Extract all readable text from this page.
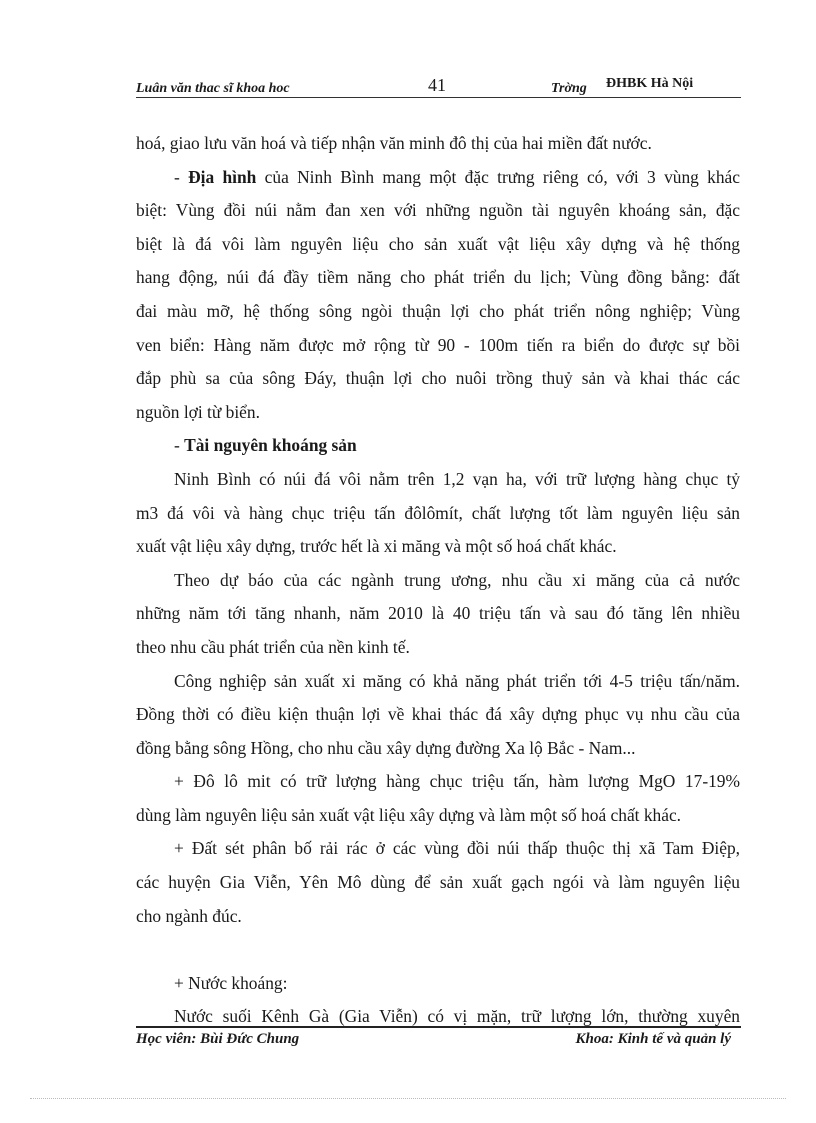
Luân văn thac sĩ khoa hoc	41	Trờng ĐHBK Hà Nội
hoá, giao lưu văn hoá và tiếp nhận văn minh đô thị của hai miền đất nước.
- Địa hình của Ninh Bình mang một đặc trưng riêng có, với 3 vùng khác
biệt: Vùng đồi núi nằm đan xen với những nguồn tài nguyên khoáng sản, đặc
biệt là đá vôi làm nguyên liệu cho sản xuất vật liệu xây dựng và hệ thống
hang động, núi đá đầy tiềm năng cho phát triển du lịch; Vùng đồng bằng: đất
đai màu mỡ, hệ thống sông ngòi thuận lợi cho phát triển nông nghiệp; Vùng
ven biển: Hàng năm được mở rộng từ 90 - 100m tiến ra biển do được sự bồi
đắp phù sa của sông Đáy, thuận lợi cho nuôi trồng thuỷ sản và khai thác các
nguồn lợi từ biển.
- Tài nguyên khoáng sản
Ninh Bình có núi đá vôi nằm trên 1,2 vạn ha, với trữ lượng hàng chục tỷ
m3 đá vôi và hàng chục triệu tấn đôlômít, chất lượng tốt làm nguyên liệu sản
xuất vật liệu xây dựng, trước hết là xi măng và một số hoá chất khác.
Theo dự báo của các ngành trung ương, nhu cầu xi măng của cả nước
những năm tới tăng nhanh, năm 2010 là 40 triệu tấn và sau đó tăng lên nhiều
theo nhu cầu phát triển của nền kinh tế.
Công nghiệp sản xuất xi măng có khả năng phát triển tới 4-5 triệu tấn/năm.
Đồng thời có điều kiện thuận lợi về khai thác đá xây dựng phục vụ nhu cầu của
đồng bằng sông Hồng, cho nhu cầu xây dựng đường Xa lộ Bắc - Nam...
+ Đô lô mit có trữ lượng hàng chục triệu tấn, hàm lượng MgO 17-19%
dùng làm nguyên liệu sản xuất vật liệu xây dựng và làm một số hoá chất khác.
+ Đất sét phân bố rải rác ở các vùng đồi núi thấp thuộc thị xã Tam Điệp,
các huyện Gia Viễn, Yên Mô dùng để sản xuất gạch ngói và làm nguyên liệu
cho ngành đúc.
+ Nước khoáng:
Nước suối Kênh Gà (Gia Viễn) có vị mặn, trữ lượng lớn, thường xuyên
Học viên: Bùi Đức Chung	Khoa: Kinh tế và quản lý
